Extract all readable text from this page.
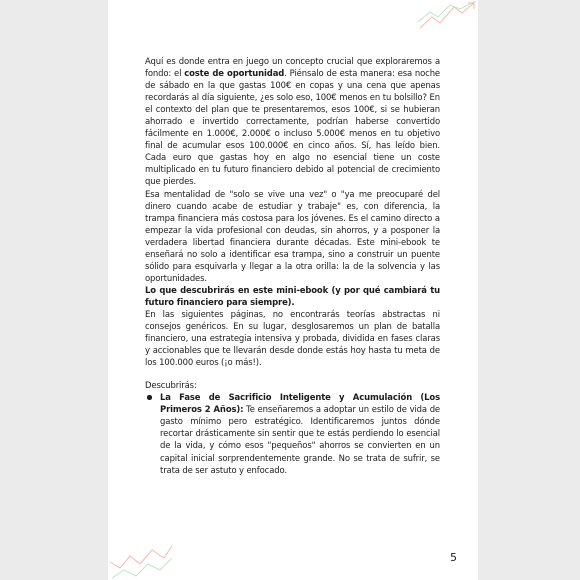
Aquí es donde entra en juego un concepto crucial que exploraremos a fondo: el coste de oportunidad. Piénsalo de esta manera: esa noche de sábado en la que gastas 100€ en copas y una cena que apenas recordarás al día siguiente, ¿es solo eso, 100€ menos en tu bolsillo? En el contexto del plan que te presentaremos, esos 100€, si se hubieran ahorrado e invertido correctamente, podrían haberse convertido fácilmente en 1.000€, 2.000€ o incluso 5.000€ menos en tu objetivo final de acumular esos 100.000€ en cinco años. Sí, has leído bien. Cada euro que gastas hoy en algo no esencial tiene un coste multiplicado en tu futuro financiero debido al potencial de crecimiento que pierdes.

Esa mentalidad de "solo se vive una vez" o "ya me preocuparé del dinero cuando acabe de estudiar y trabaje" es, con diferencia, la trampa financiera más costosa para los jóvenes. Es el camino directo a empezar la vida profesional con deudas, sin ahorros, y a posponer la verdadera libertad financiera durante décadas. Este mini-ebook te enseñará no solo a identificar esa trampa, sino a construir un puente sólido para esquivarla y llegar a la otra orilla: la de la solvencia y las oportunidades.

Lo que descubrirás en este mini-ebook (y por qué cambiará tu futuro financiero para siempre).

En las siguientes páginas, no encontrarás teorías abstractas ni consejos genéricos. En su lugar, desglosaremos un plan de batalla financiero, una estrategia intensiva y probada, dividida en fases claras y accionables que te llevarán desde donde estás hoy hasta tu meta de los 100.000 euros (¡o más!).

Descubrirás:

La Fase de Sacrificio Inteligente y Acumulación (Los Primeros 2 Años): Te enseñaremos a adoptar un estilo de vida de gasto mínimo pero estratégico. Identificaremos juntos dónde recortar drásticamente sin sentir que te estás perdiendo lo esencial de la vida, y cómo esos "pequeños" ahorros se convierten en un capital inicial sorprendentemente grande. No se trata de sufrir, se trata de ser astuto y enfocado.
5
